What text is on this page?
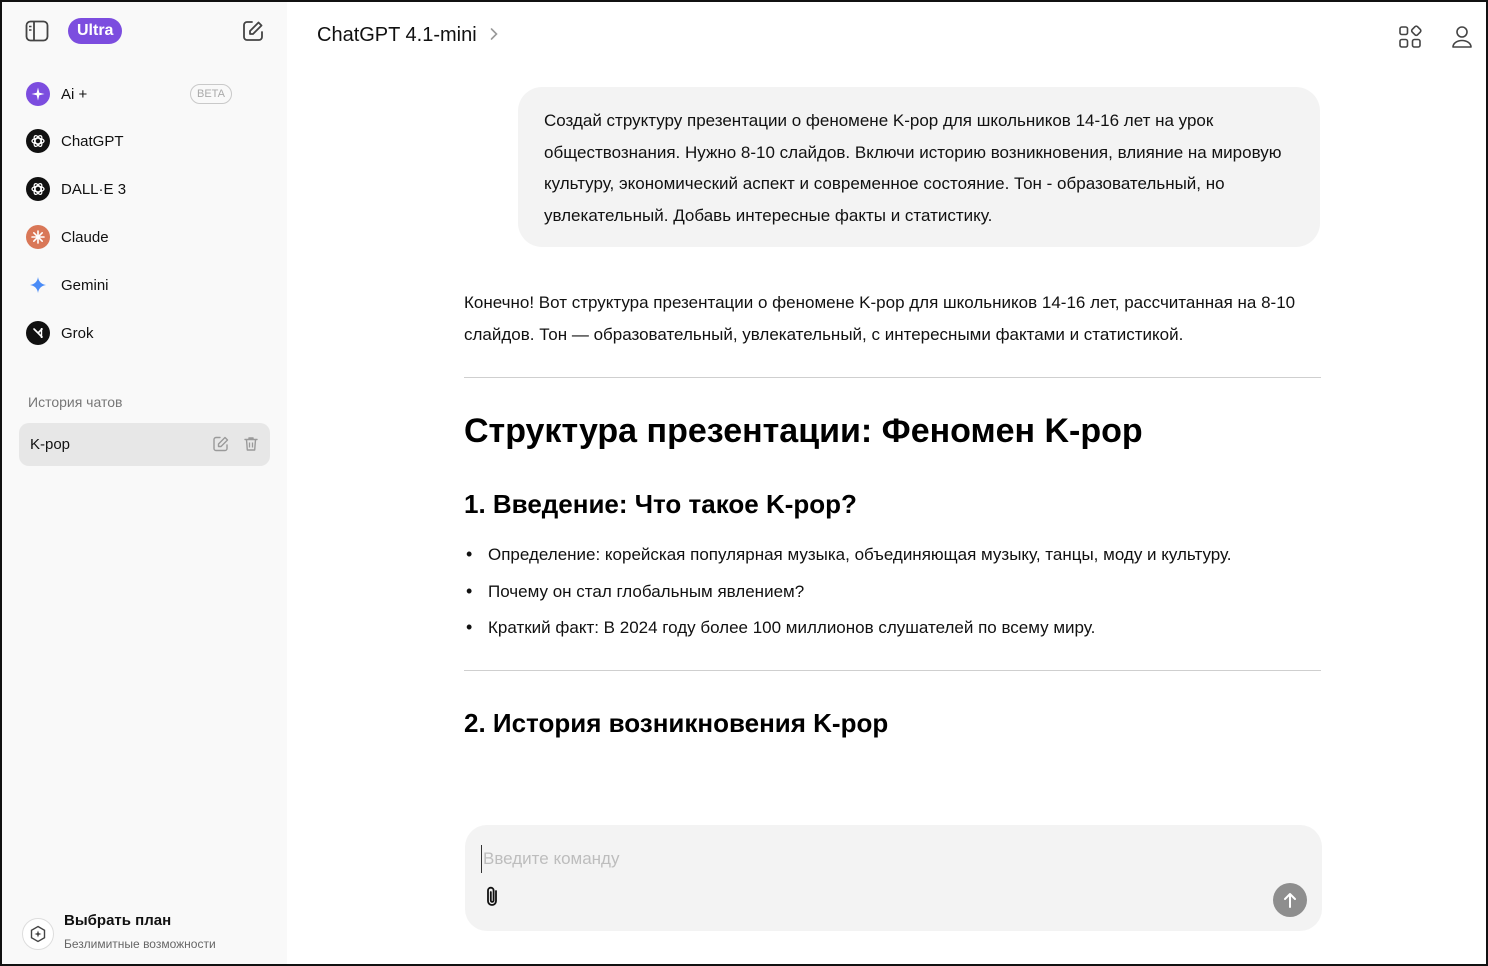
Ultra
Ai +	BETA
ChatGPT
DALL·E 3
Claude
Gemini
Grok
История чатов
K-pop
Выбрать план
Безлимитные возможности
ChatGPT 4.1-mini
Создай структуру презентации о феномене K-pop для школьников 14-16 лет на урок обществознания. Нужно 8-10 слайдов. Включи историю возникновения, влияние на мировую культуру, экономический аспект и современное состояние. Тон - образовательный, но увлекательный. Добавь интересные факты и статистику.

Конечно! Вот структура презентации о феномене K-pop для школьников 14-16 лет, рассчитанная на 8-10 слайдов. Тон — образовательный, увлекательный, с интересными фактами и статистикой.

Структура презентации: Феномен K-pop
1. Введение: Что такое K-pop?
• Определение: корейская популярная музыка, объединяющая музыку, танцы, моду и культуру.
• Почему он стал глобальным явлением?
• Краткий факт: В 2024 году более 100 миллионов слушателей по всему миру.
2. История возникновения K-pop
Введите команду
